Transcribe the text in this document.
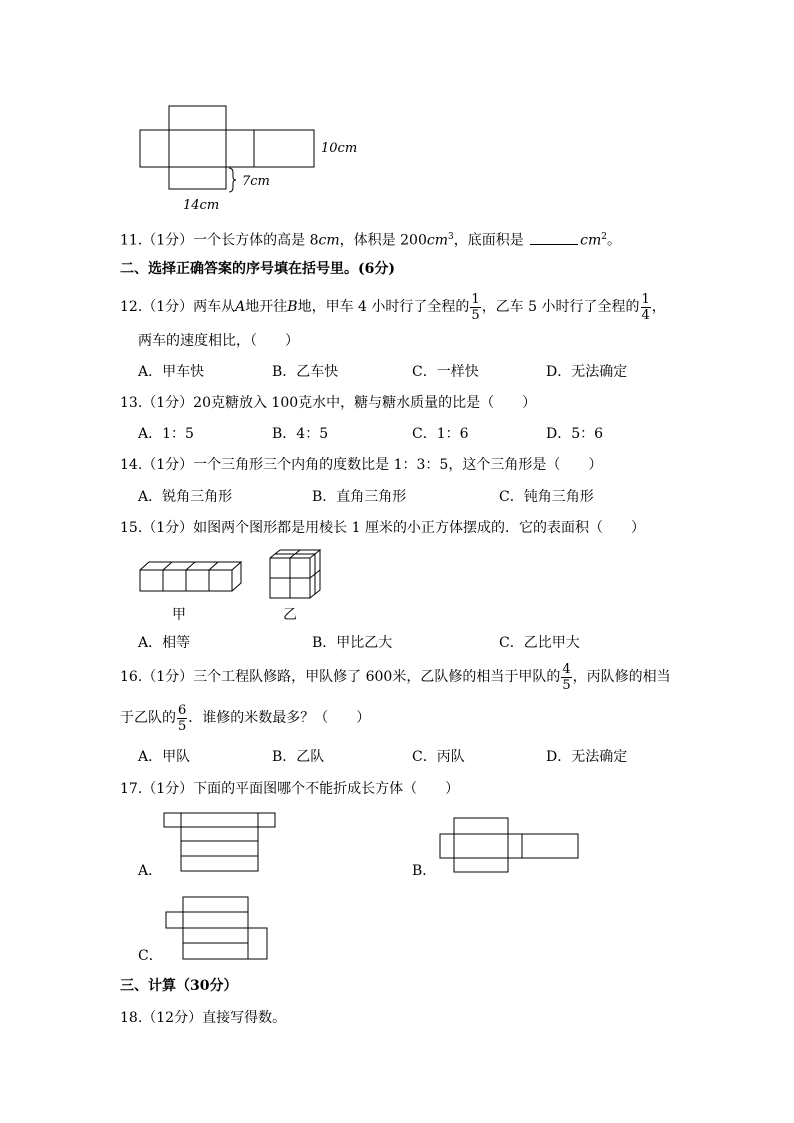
10cm
7cm
14cm
11.（1分）一个长方体的高是 8cm，体积是 $200cm^3$，底面积是	$cm^2$。
二、选择正确答案的序号填在括号里。(6分)
12.（1分）两车从A地开往B地，甲车 4 小时行了全程的 $\frac{1}{5}$ ，乙车 5 小时行了全程的 $\frac{1}{4}$ ，
两车的速度相比，（　　）
A．甲车快	B．乙车快	C．一样快	D．无法确定
13.（1分）20克糖放入 100克水中，糖与糖水质量的比是（　　）
A．1：5	B．4：5	C．1：6	D．5：6
14.（1分）一个三角形三个内角的度数比是 1：3：5，这个三角形是（　　）
A．锐角三角形	B．直角三角形	C．钝角三角形
15.（1分）如图两个图形都是用棱长 1 厘米的小正方体摆成的．它的表面积（　　）
甲	乙
A．相等	B．甲比乙大	C．乙比甲大
16.（1分）三个工程队修路，甲队修了 600米，乙队修的相当于甲队的 $\frac{4}{5}$ ，丙队修的相当
于乙队的 $\frac{6}{5}$ ．谁修的米数最多？（　　）
A．甲队	B．乙队	C．丙队	D．无法确定
17.（1分）下面的平面图哪个不能折成长方体（　　）
A．	B．
C．
三、计算（30分）
18.（12分）直接写得数。
